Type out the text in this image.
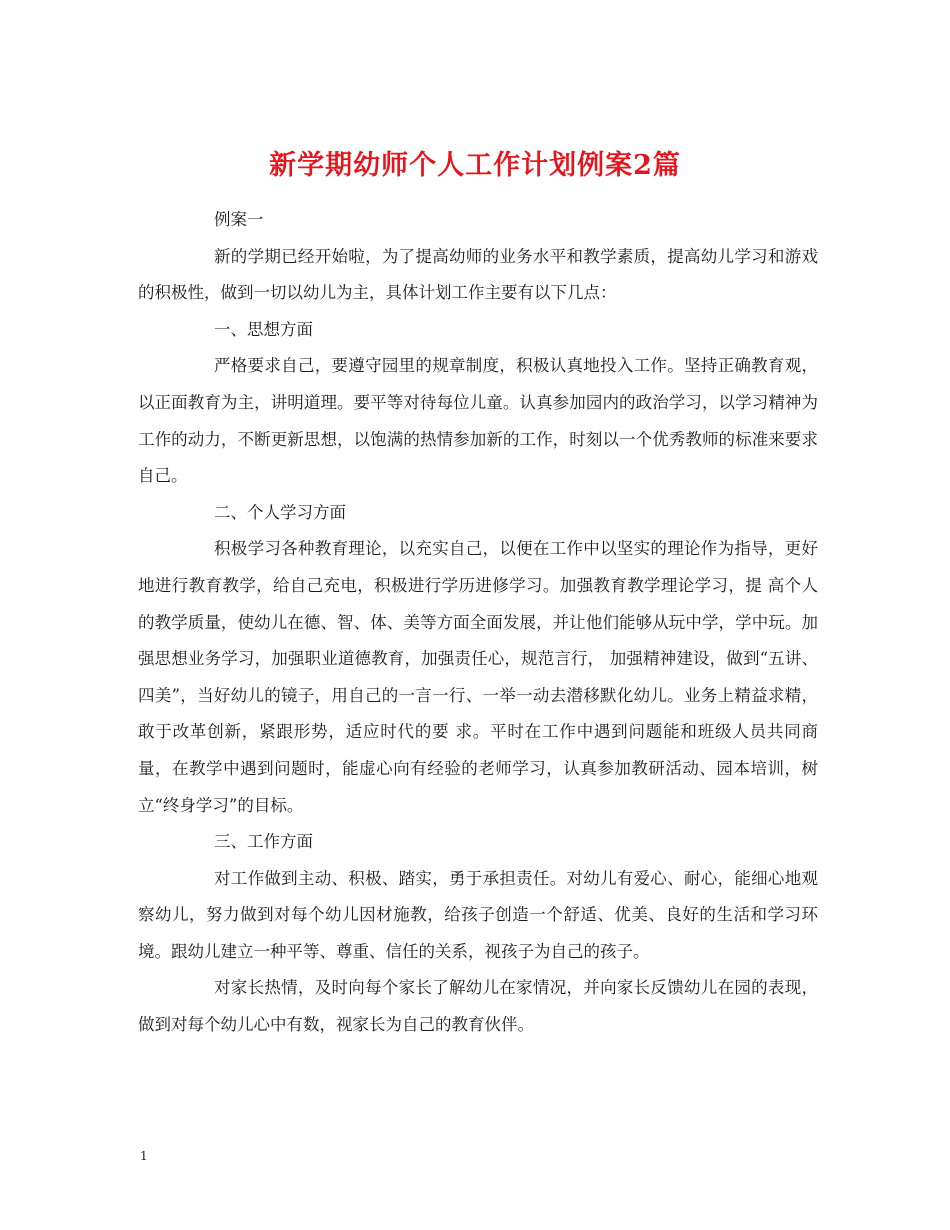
新学期幼师个人工作计划例案2篇

例案一

新的学期已经开始啦，为了提高幼师的业务水平和教学素质，提高幼儿学习和游戏的积极性，做到一切以幼儿为主，具体计划工作主要有以下几点：

一、思想方面

严格要求自己，要遵守园里的规章制度，积极认真地投入工作。坚持正确教育观，以正面教育为主，讲明道理。要平等对待每位儿童。认真参加园内的政治学习，以学习精神为工作的动力，不断更新思想，以饱满的热情参加新的工作，时刻以一个优秀教师的标准来要求自己。

二、个人学习方面

积极学习各种教育理论，以充实自己，以便在工作中以坚实的理论作为指导，更好地进行教育教学，给自己充电，积极进行学历进修学习。加强教育教学理论学习，提 高个人的教学质量，使幼儿在德、智、体、美等方面全面发展，并让他们能够从玩中学，学中玩。加强思想业务学习，加强职业道德教育，加强责任心，规范言行， 加强精神建设，做到“五讲、四美”，当好幼儿的镜子，用自己的一言一行、一举一动去潜移默化幼儿。业务上精益求精，敢于改革创新，紧跟形势，适应时代的要 求。平时在工作中遇到问题能和班级人员共同商量，在教学中遇到问题时，能虚心向有经验的老师学习，认真参加教研活动、园本培训，树立“终身学习”的目标。

三、工作方面

对工作做到主动、积极、踏实，勇于承担责任。对幼儿有爱心、耐心，能细心地观察幼儿，努力做到对每个幼儿因材施教，给孩子创造一个舒适、优美、良好的生活和学习环境。跟幼儿建立一种平等、尊重、信任的关系，视孩子为自己的孩子。

对家长热情，及时向每个家长了解幼儿在家情况，并向家长反馈幼儿在园的表现，做到对每个幼儿心中有数，视家长为自己的教育伙伴。

1
